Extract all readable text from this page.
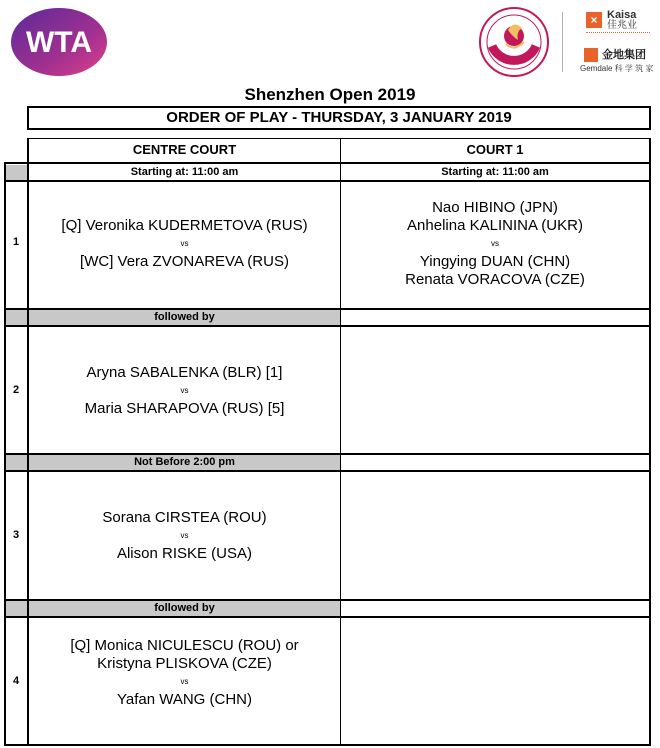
WTA
× Kaisa
佳兆业
金地集团
Gemdale 科 学 筑 家
Shenzhen Open 2019
ORDER OF PLAY - THURSDAY, 3 JANUARY 2019
CENTRE COURT	COURT 1
Starting at: 11:00 am	Starting at: 11:00 am
followed by
Not Before 2:00 pm
followed by
1
2
3
4
[Q] Veronika KUDERMETOVA (RUS)
vs
[WC] Vera ZVONAREVA (RUS)
Nao HIBINO (JPN)
Anhelina KALININA (UKR)
vs
Yingying DUAN (CHN)
Renata VORACOVA (CZE)
Aryna SABALENKA (BLR) [1]
vs
Maria SHARAPOVA (RUS) [5]
Sorana CIRSTEA (ROU)
vs
Alison RISKE (USA)
[Q] Monica NICULESCU (ROU) or
Kristyna PLISKOVA (CZE)
vs
Yafan WANG (CHN)
